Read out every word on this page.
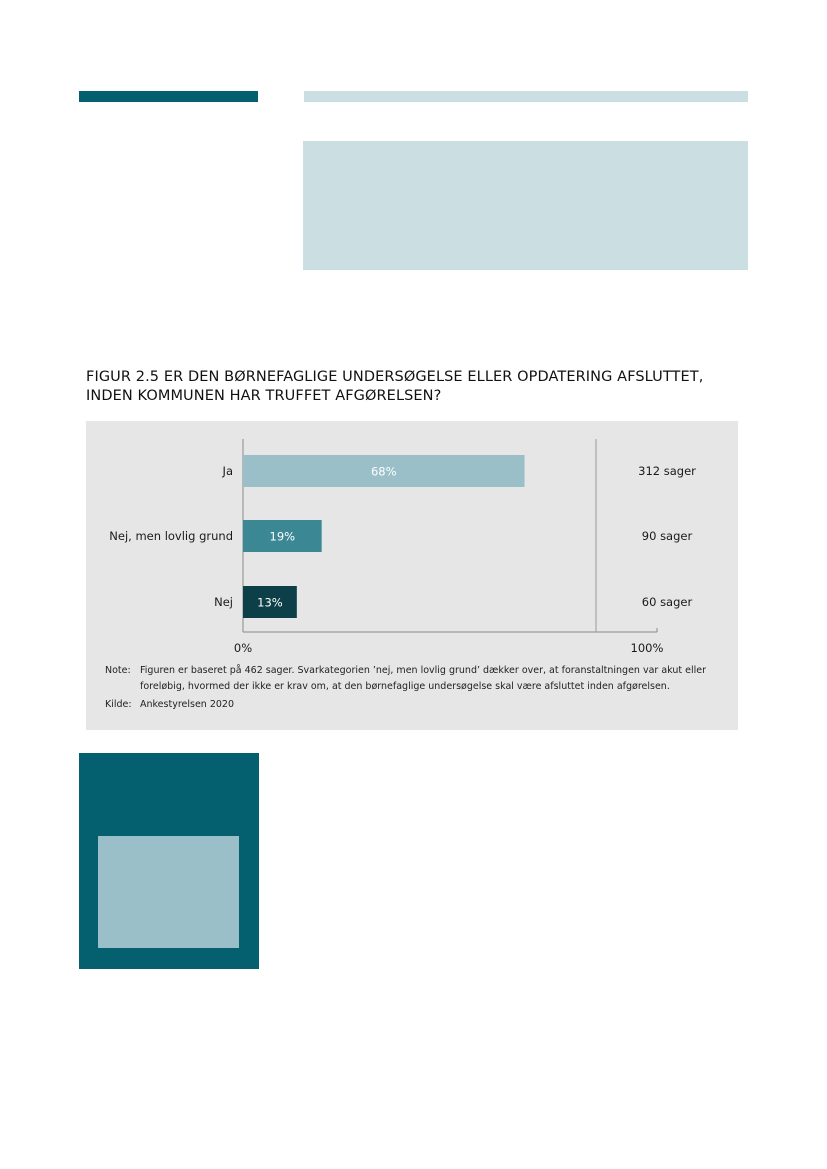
FIGUR 2.5 ER DEN BØRNEFAGLIGE UNDERSØGELSE ELLER OPDATERING AFSLUTTET, INDEN KOMMUNEN HAR TRUFFET AFGØRELSEN?
Ja	68%	312 sager
Nej, men lovlig grund	19%	90 sager
Nej 13%	60 sager
0%	100%
Note: Figuren er baseret på 462 sager. Svarkategorien ’nej, men lovlig grund’ dækker over, at foranstaltningen var akut eller foreløbig, hvormed der ikke er krav om, at den børnefaglige undersøgelse skal være afsluttet inden afgørelsen.
Kilde: Ankestyrelsen 2020
